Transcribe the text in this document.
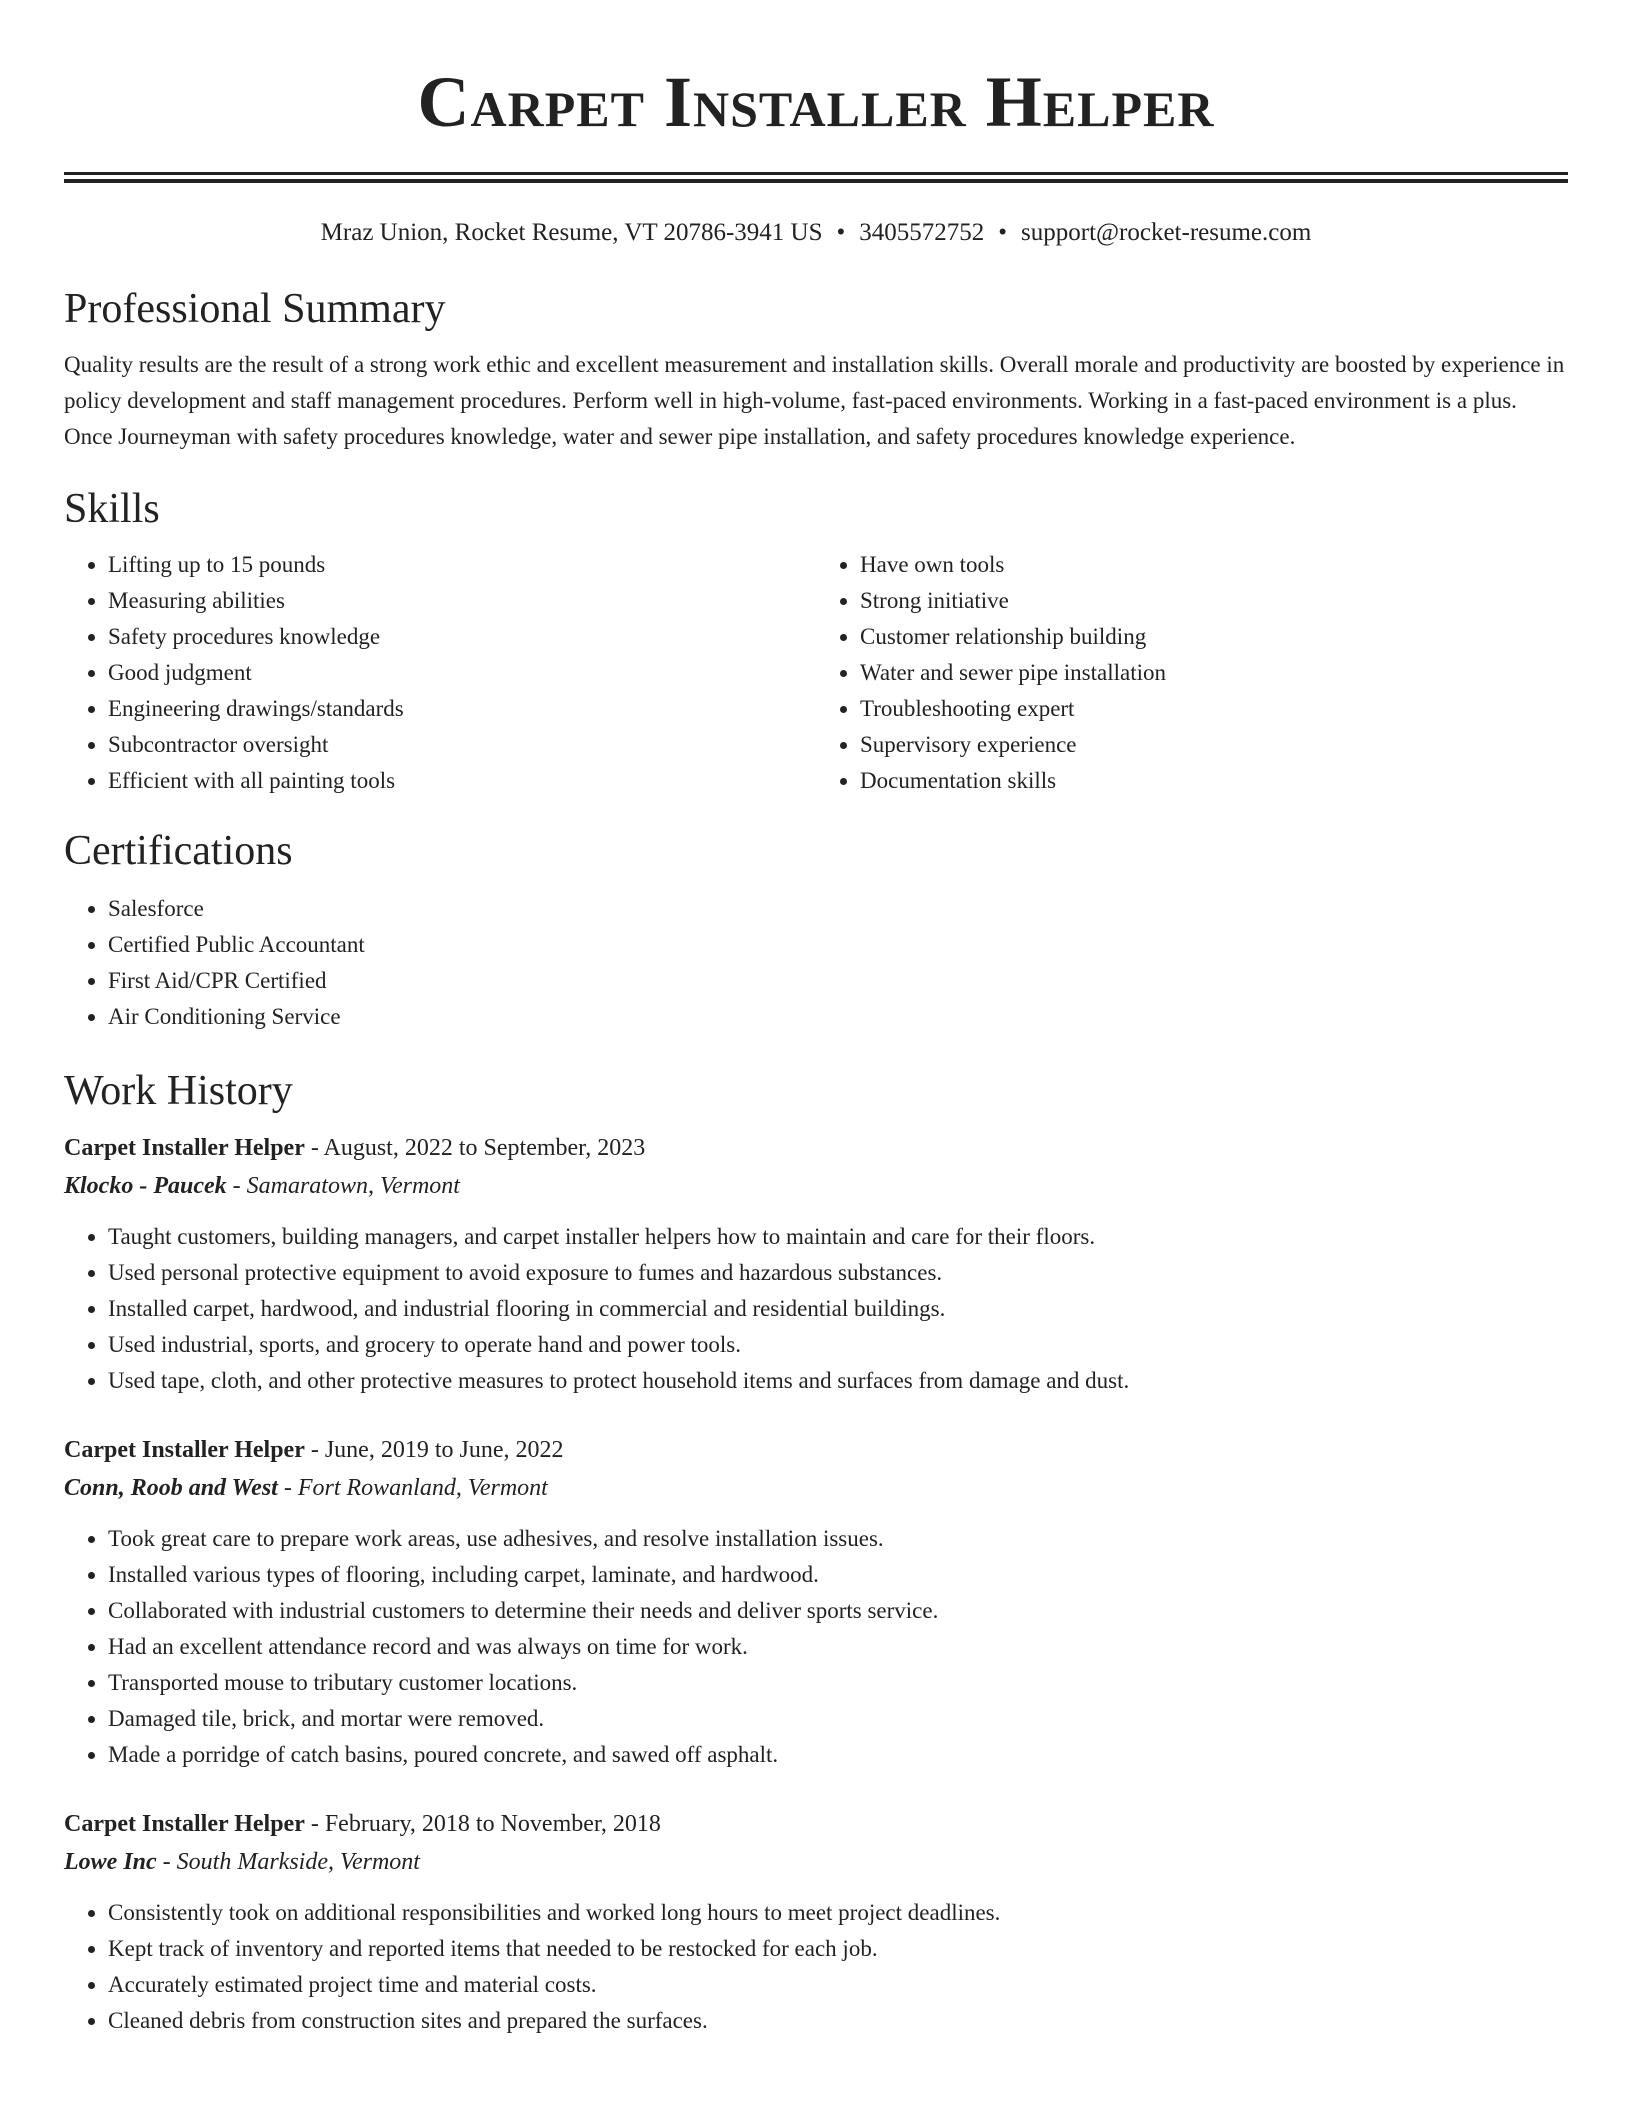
Carpet Installer Helper
Mraz Union, Rocket Resume, VT 20786-3941 US • 3405572752 • support@rocket-resume.com
Professional Summary
Quality results are the result of a strong work ethic and excellent measurement and installation skills. Overall morale and productivity are boosted by experience in policy development and staff management procedures. Perform well in high-volume, fast-paced environments. Working in a fast-paced environment is a plus. Once Journeyman with safety procedures knowledge, water and sewer pipe installation, and safety procedures knowledge experience.
Skills
• Lifting up to 15 pounds
• Measuring abilities
• Safety procedures knowledge
• Good judgment
• Engineering drawings/standards
• Subcontractor oversight
• Efficient with all painting tools
• Have own tools
• Strong initiative
• Customer relationship building
• Water and sewer pipe installation
• Troubleshooting expert
• Supervisory experience
• Documentation skills
Certifications
• Salesforce
• Certified Public Accountant
• First Aid/CPR Certified
• Air Conditioning Service
Work History
Carpet Installer Helper - August, 2022 to September, 2023
Klocko - Paucek - Samaratown, Vermont
• Taught customers, building managers, and carpet installer helpers how to maintain and care for their floors.
• Used personal protective equipment to avoid exposure to fumes and hazardous substances.
• Installed carpet, hardwood, and industrial flooring in commercial and residential buildings.
• Used industrial, sports, and grocery to operate hand and power tools.
• Used tape, cloth, and other protective measures to protect household items and surfaces from damage and dust.
Carpet Installer Helper - June, 2019 to June, 2022
Conn, Roob and West - Fort Rowanland, Vermont
• Took great care to prepare work areas, use adhesives, and resolve installation issues.
• Installed various types of flooring, including carpet, laminate, and hardwood.
• Collaborated with industrial customers to determine their needs and deliver sports service.
• Had an excellent attendance record and was always on time for work.
• Transported mouse to tributary customer locations.
• Damaged tile, brick, and mortar were removed.
• Made a porridge of catch basins, poured concrete, and sawed off asphalt.
Carpet Installer Helper - February, 2018 to November, 2018
Lowe Inc - South Markside, Vermont
• Consistently took on additional responsibilities and worked long hours to meet project deadlines.
• Kept track of inventory and reported items that needed to be restocked for each job.
• Accurately estimated project time and material costs.
• Cleaned debris from construction sites and prepared the surfaces.
